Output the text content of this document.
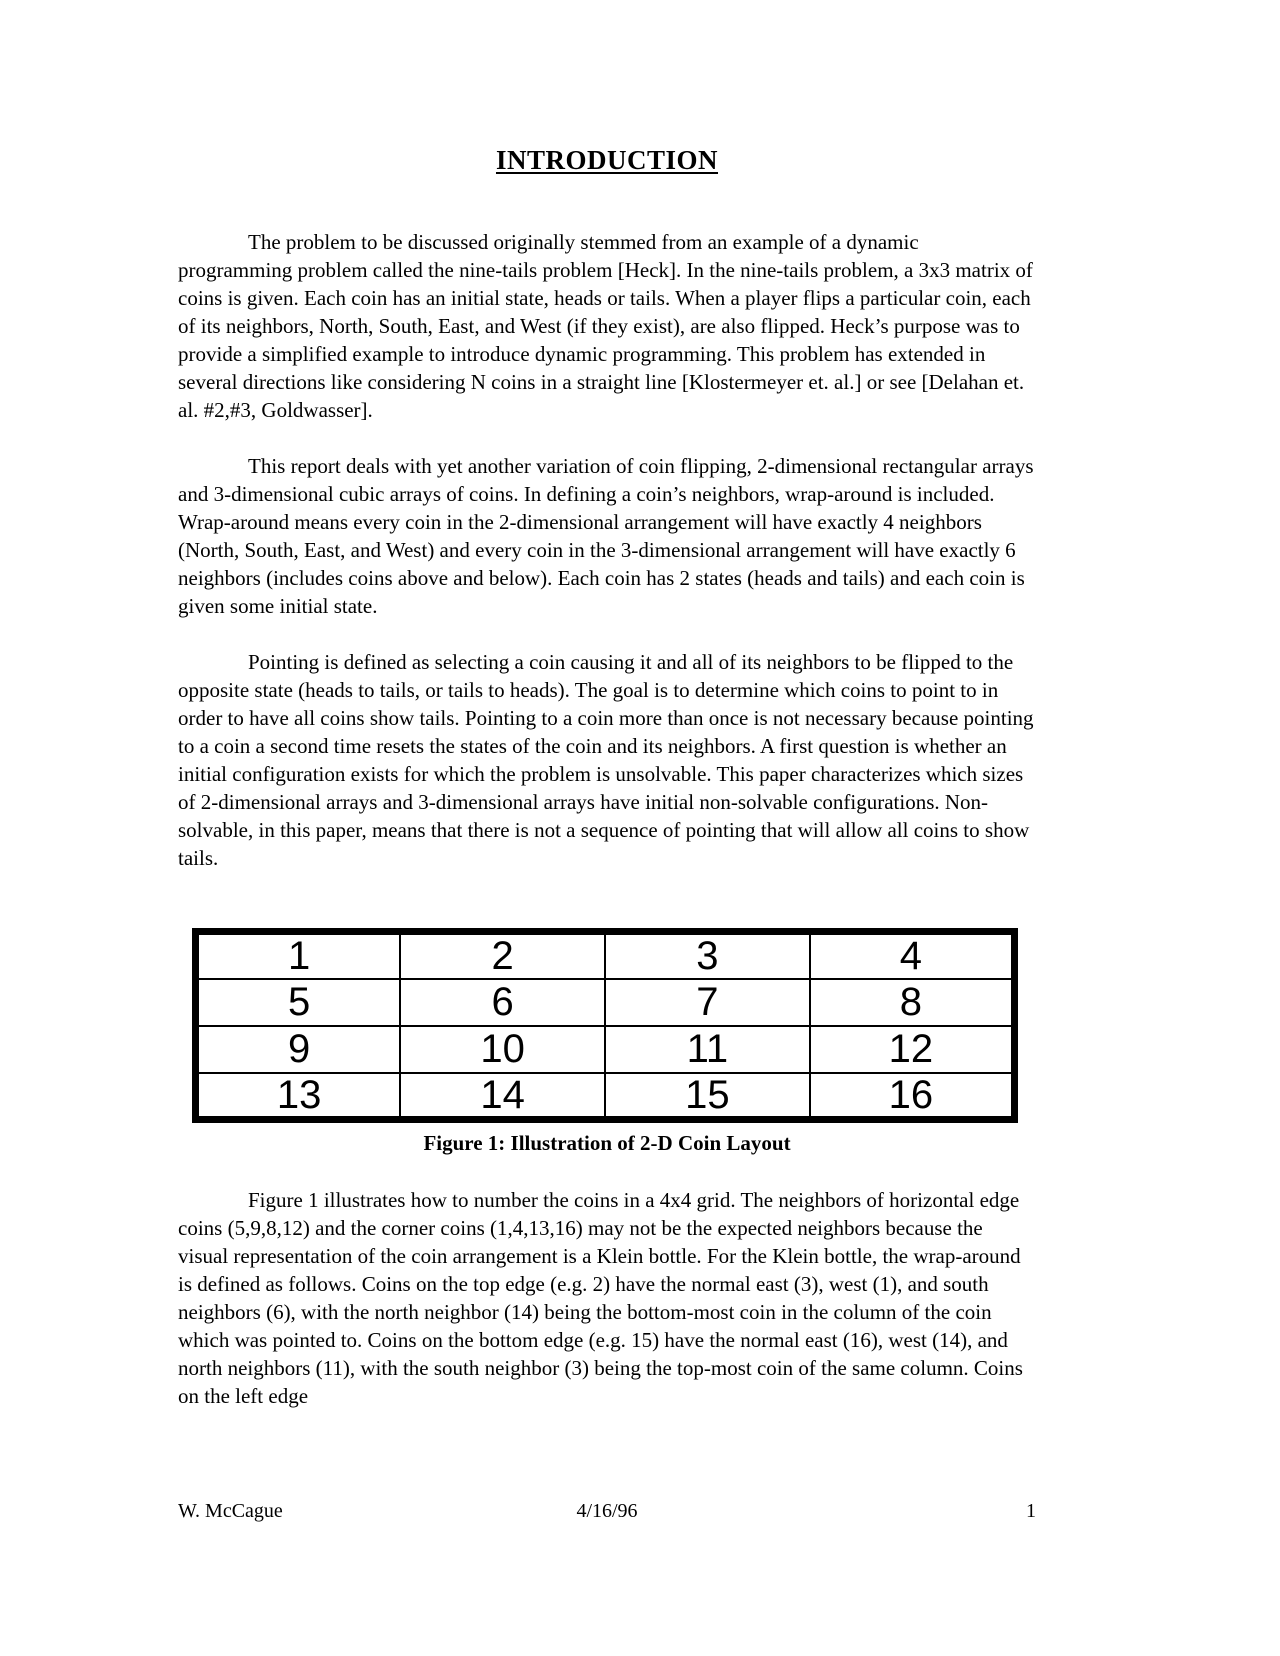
INTRODUCTION

The problem to be discussed originally stemmed from an example of a dynamic programming problem called the nine-tails problem [Heck]. In the nine-tails problem, a 3x3 matrix of coins is given. Each coin has an initial state, heads or tails. When a player flips a particular coin, each of its neighbors, North, South, East, and West (if they exist), are also flipped. Heck’s purpose was to provide a simplified example to introduce dynamic programming. This problem has extended in several directions like considering N coins in a straight line [Klostermeyer et. al.] or see [Delahan et. al. #2,#3, Goldwasser].

This report deals with yet another variation of coin flipping, 2-dimensional rectangular arrays and 3-dimensional cubic arrays of coins. In defining a coin’s neighbors, wrap-around is included. Wrap-around means every coin in the 2-dimensional arrangement will have exactly 4 neighbors (North, South, East, and West) and every coin in the 3-dimensional arrangement will have exactly 6 neighbors (includes coins above and below). Each coin has 2 states (heads and tails) and each coin is given some initial state.

Pointing is defined as selecting a coin causing it and all of its neighbors to be flipped to the opposite state (heads to tails, or tails to heads). The goal is to determine which coins to point to in order to have all coins show tails. Pointing to a coin more than once is not necessary because pointing to a coin a second time resets the states of the coin and its neighbors. A first question is whether an initial configuration exists for which the problem is unsolvable. This paper characterizes which sizes of 2-dimensional arrays and 3-dimensional arrays have initial non-solvable configurations. Non-solvable, in this paper, means that there is not a sequence of pointing that will allow all coins to show tails.

1	2	3	4
5	6	7	8
9	10	11	12
13	14	15	16
Figure 1: Illustration of 2-D Coin Layout

Figure 1 illustrates how to number the coins in a 4x4 grid. The neighbors of horizontal edge coins (5,9,8,12) and the corner coins (1,4,13,16) may not be the expected neighbors because the visual representation of the coin arrangement is a Klein bottle. For the Klein bottle, the wrap-around is defined as follows. Coins on the top edge (e.g. 2) have the normal east (3), west (1), and south neighbors (6), with the north neighbor (14) being the bottom-most coin in the column of the coin which was pointed to. Coins on the bottom edge (e.g. 15) have the normal east (16), west (14), and north neighbors (11), with the south neighbor (3) being the top-most coin of the same column. Coins on the left edge

W. McCague	4/16/96	1
